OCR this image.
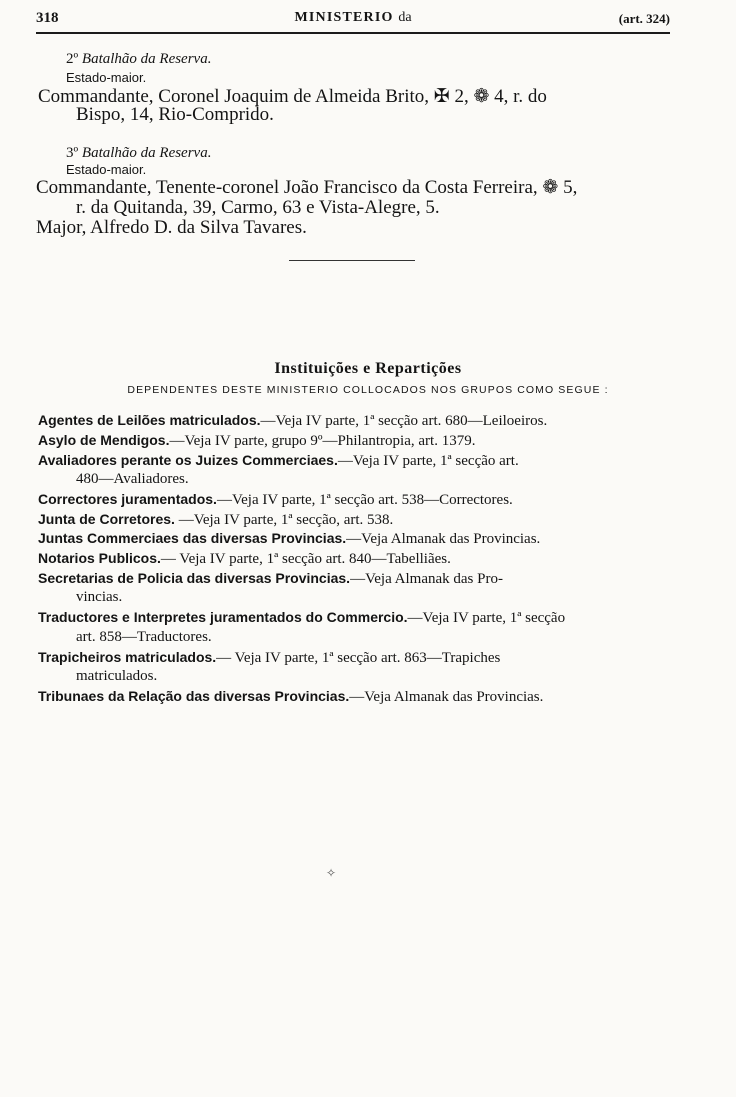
318	MINISTERIO da	(art. 324)
2º Batalhão da Reserva.
Estado-maior.
Commandante, Coronel Joaquim de Almeida Brito, ✠ 2, ❁ 4, r. do
Bispo, 14, Rio-Comprido.
3º Batalhão da Reserva.
Estado-maior.
Commandante, Tenente-coronel João Francisco da Costa Ferreira, ❁ 5,
r. da Quitanda, 39, Carmo, 63 e Vista-Alegre, 5.
Major, Alfredo D. da Silva Tavares.
Instituições e Repartições
DEPENDENTES DESTE MINISTERIO COLLOCADOS NOS GRUPOS COMO SEGUE :
Agentes de Leilões matriculados.—Veja IV parte, 1ª secção art. 680—Leiloeiros.
Asylo de Mendigos.—Veja IV parte, grupo 9º—Philantropia, art. 1379.
Avaliadores perante os Juizes Commerciaes.—Veja IV parte, 1ª secção art.
480—Avaliadores.
Correctores juramentados.—Veja IV parte, 1ª secção art. 538—Correctores.
Junta de Corretores. —Veja IV parte, 1ª secção, art. 538.
Juntas Commerciaes das diversas Provincias.—Veja Almanak das Provincias.
Notarios Publicos.— Veja IV parte, 1ª secção art. 840—Tabelliães.
Secretarias de Policia das diversas Provincias.—Veja Almanak das Pro-
vincias.
Traductores e Interpretes juramentados do Commercio.—Veja IV parte, 1ª secção
art. 858—Traductores.
Trapicheiros matriculados.— Veja IV parte, 1ª secção art. 863—Trapiches
matriculados.
Tribunaes da Relação das diversas Provincias.—Veja Almanak das Provincias.
✧
